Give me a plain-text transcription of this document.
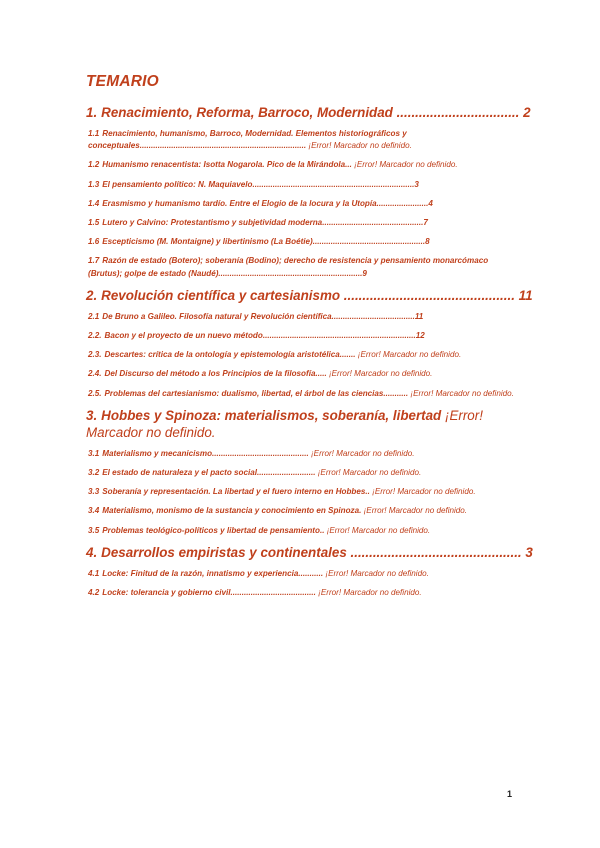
TEMARIO
1. Renacimiento, Reforma, Barroco, Modernidad ................................. 2
1.1 Renacimiento, humanismo, Barroco, Modernidad. Elementos historiográficos y conceptuales.......................................................................... ¡Error! Marcador no definido.
1.2 Humanismo renacentista: Isotta Nogarola. Pico de la Mirándola... ¡Error! Marcador no definido.
1.3 El pensamiento político: N. Maquiavelo........................................................................3
1.4 Erasmismo y humanismo tardío. Entre el Elogio de la locura y la Utopía.......................4
1.5 Lutero y Calvino: Protestantismo y subjetividad moderna.............................................7
1.6 Escepticismo (M. Montaigne) y libertinismo (La Boétie)..................................................8
1.7 Razón de estado (Botero); soberanía (Bodino); derecho de resistencia y pensamiento monarcómaco (Brutus); golpe de estado (Naudé)................................................................9
2. Revolución científica y cartesianismo .............................................. 11
2.1 De Bruno a Galileo. Filosofía natural y Revolución científica.....................................11
2.2. Bacon y el proyecto de un nuevo método....................................................................12
2.3. Descartes: crítica de la ontología y epistemología aristotélica....... ¡Error! Marcador no definido.
2.4. Del Discurso del método a los Principios de la filosofía..... ¡Error! Marcador no definido.
2.5. Problemas del cartesianismo: dualismo, libertad, el árbol de las ciencias........... ¡Error! Marcador no definido.
3. Hobbes y Spinoza: materialismos, soberanía, libertad ¡Error! Marcador no definido.
3.1 Materialismo y mecanicismo........................................... ¡Error! Marcador no definido.
3.2 El estado de naturaleza y el pacto social.......................... ¡Error! Marcador no definido.
3.3 Soberanía y representación. La libertad y el fuero interno en Hobbes.. ¡Error! Marcador no definido.
3.4 Materialismo, monismo de la sustancia y conocimiento en Spinoza. ¡Error! Marcador no definido.
3.5 Problemas teológico-políticos y libertad de pensamiento.. ¡Error! Marcador no definido.
4. Desarrollos empiristas y continentales .............................................. 3
4.1 Locke: Finitud de la razón, innatismo y experiencia........... ¡Error! Marcador no definido.
4.2 Locke: tolerancia y gobierno civil...................................... ¡Error! Marcador no definido.
1
